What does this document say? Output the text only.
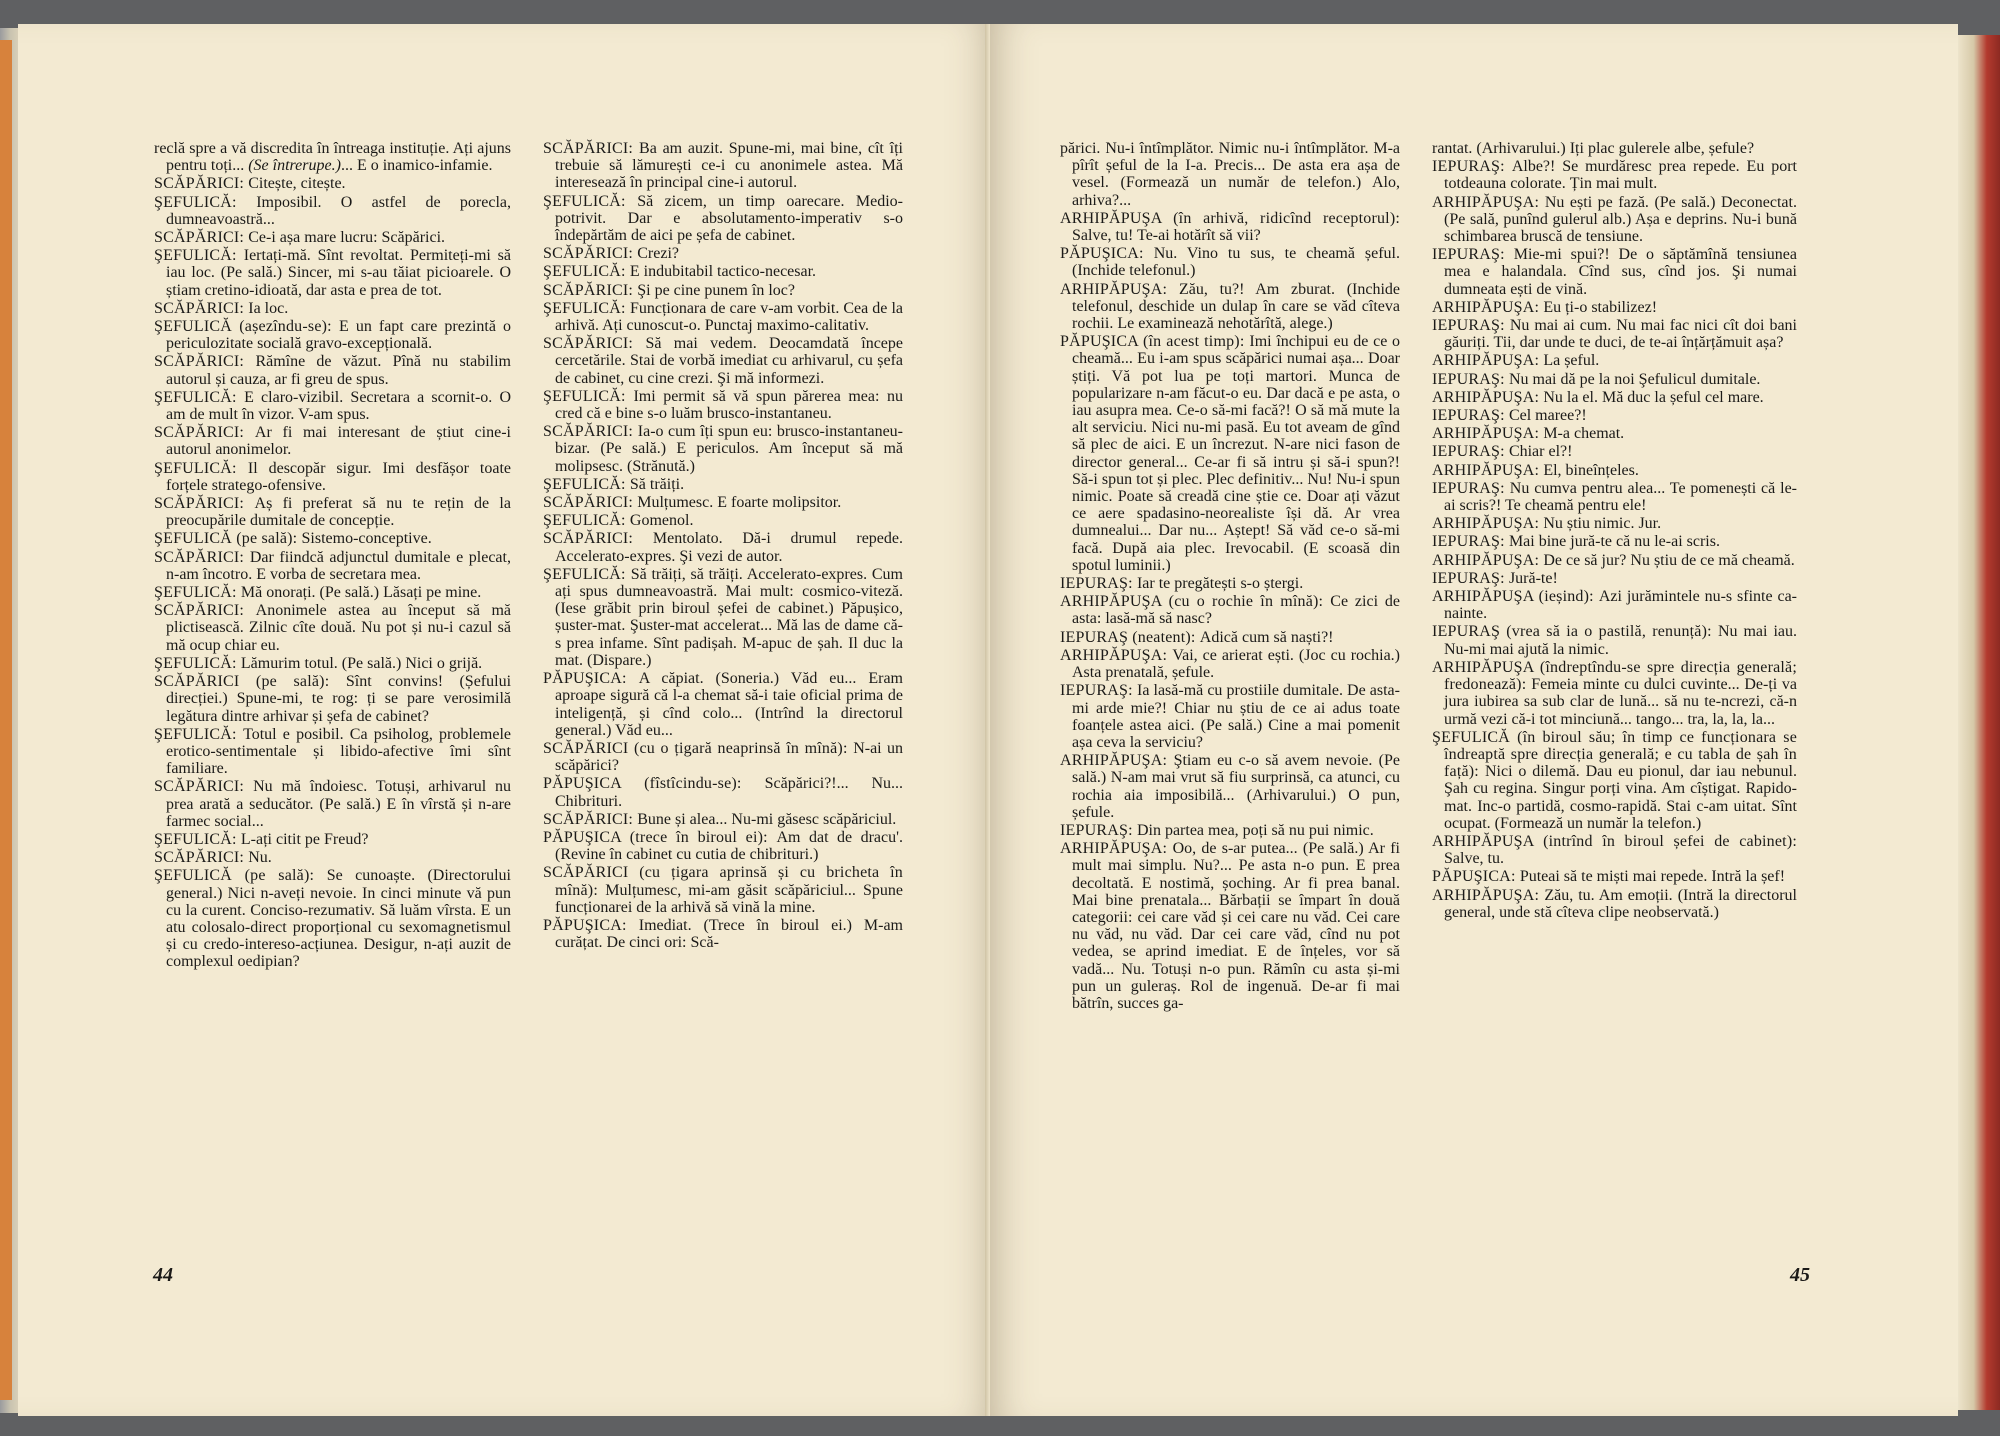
reclă spre a vă discredita în întreaga instituție. Ați ajuns pentru toți... (Se întrerupe.)... E o inamico-infamie.

SCĂPĂRICI: Citește, citește.

ŞEFULICĂ: Imposibil. O astfel de porecla, dumneavoastră...

SCĂPĂRICI: Ce-i așa mare lucru: Scăpărici.

ŞEFULICĂ: Iertați-mă. Sînt revoltat. Permiteți-mi să iau loc. (Pe sală.) Sincer, mi s-au tăiat picioarele. O știam cretino-idioată, dar asta e prea de tot.

SCĂPĂRICI: Ia loc.

ŞEFULICĂ (așezîndu-se): E un fapt care prezintă o periculozitate socială gravo-excepțională.

SCĂPĂRICI: Rămîne de văzut. Pînă nu stabilim autorul și cauza, ar fi greu de spus.

ŞEFULICĂ: E claro-vizibil. Secretara a scornit-o. O am de mult în vizor. V-am spus.

SCĂPĂRICI: Ar fi mai interesant de știut cine-i autorul anonimelor.

ŞEFULICĂ: Il descopăr sigur. Imi desfășor toate forțele stratego-ofensive.

SCĂPĂRICI: Aș fi preferat să nu te rețin de la preocupările dumitale de concepție.

ŞEFULICĂ (pe sală): Sistemo-conceptive.

SCĂPĂRICI: Dar fiindcă adjunctul dumitale e plecat, n-am încotro. E vorba de secretara mea.

ŞEFULICĂ: Mă onorați. (Pe sală.) Lăsați pe mine.

SCĂPĂRICI: Anonimele astea au început să mă plictisească. Zilnic cîte două. Nu pot și nu-i cazul să mă ocup chiar eu.

ŞEFULICĂ: Lămurim totul. (Pe sală.) Nici o grijă.

SCĂPĂRICI (pe sală): Sînt convins! (Șefului direcției.) Spune-mi, te rog: ți se pare verosimilă legătura dintre arhivar și șefa de cabinet?

ŞEFULICĂ: Totul e posibil. Ca psiholog, problemele erotico-sentimentale și libido-afective îmi sînt familiare.

SCĂPĂRICI: Nu mă îndoiesc. Totuși, arhivarul nu prea arată a seducător. (Pe sală.) E în vîrstă și n-are farmec social...

ŞEFULICĂ: L-ați citit pe Freud?

SCĂPĂRICI: Nu.

ŞEFULICĂ (pe sală): Se cunoaște. (Directorului general.) Nici n-aveți nevoie. In cinci minute vă pun cu la curent. Conciso-rezumativ. Să luăm vîrsta. E un atu colosalo-direct proporțional cu sexomagnetismul și cu credo-intereso-acțiunea. Desigur, n-ați auzit de complexul oedipian?

SCĂPĂRICI: Ba am auzit. Spune-mi, mai bine, cît îți trebuie să lămurești ce-i cu anonimele astea. Mă interesează în principal cine-i autorul.

ŞEFULICĂ: Să zicem, un timp oarecare. Medio-potrivit. Dar e absolutamento-imperativ s-o îndepărtăm de aici pe șefa de cabinet.

SCĂPĂRICI: Crezi?

ŞEFULICĂ: E indubitabil tactico-necesar.

SCĂPĂRICI: Şi pe cine punem în loc?

ŞEFULICĂ: Funcționara de care v-am vorbit. Cea de la arhivă. Ați cunoscut-o. Punctaj maximo-calitativ.

SCĂPĂRICI: Să mai vedem. Deocamdată începe cercetările. Stai de vorbă imediat cu arhivarul, cu șefa de cabinet, cu cine crezi. Şi mă informezi.

ŞEFULICĂ: Imi permit să vă spun părerea mea: nu cred că e bine s-o luăm brusco-instantaneu.

SCĂPĂRICI: Ia-o cum îți spun eu: brusco-instantaneu-bizar. (Pe sală.) E periculos. Am început să mă molipsesc. (Strănută.)

ŞEFULICĂ: Să trăiți.

SCĂPĂRICI: Mulțumesc. E foarte molipsitor.

ŞEFULICĂ: Gomenol.

SCĂPĂRICI: Mentolato. Dă-i drumul repede. Accelerato-expres. Şi vezi de autor.

ŞEFULICĂ: Să trăiți, să trăiți. Accelerato-expres. Cum ați spus dumneavoastră. Mai mult: cosmico-viteză. (Iese grăbit prin biroul șefei de cabinet.) Păpușico, șuster-mat. Şuster-mat accelerat... Mă las de dame că-s prea infame. Sînt padișah. M-apuc de șah. Il duc la mat. (Dispare.)

PĂPUŞICA: A căpiat. (Soneria.) Văd eu... Eram aproape sigură că l-a chemat să-i taie oficial prima de inteligență, și cînd colo... (Intrînd la directorul general.) Văd eu...

SCĂPĂRICI (cu o țigară neaprinsă în mînă): N-ai un scăpărici?

PĂPUŞICA (fîstîcindu-se): Scăpărici?!... Nu... Chibrituri.

SCĂPĂRICI: Bune și alea... Nu-mi găsesc scăpăriciul.

PĂPUŞICA (trece în biroul ei): Am dat de dracu'. (Revine în cabinet cu cutia de chibrituri.)

SCĂPĂRICI (cu țigara aprinsă și cu bricheta în mînă): Mulțumesc, mi-am găsit scăpăriciul... Spune funcționarei de la arhivă să vină la mine.

PĂPUŞICA: Imediat. (Trece în biroul ei.) M-am curățat. De cinci ori: Scă-

44

părici. Nu-i întîmplător. Nimic nu-i întîmplător. M-a pîrît șeful de la I-a. Precis... De asta era așa de vesel. (Formează un număr de telefon.) Alo, arhiva?...

ARHIPĂPUŞA (în arhivă, ridicînd receptorul): Salve, tu! Te-ai hotărît să vii?

PĂPUŞICA: Nu. Vino tu sus, te cheamă șeful. (Inchide telefonul.)

ARHIPĂPUŞA: Zău, tu?! Am zburat. (Inchide telefonul, deschide un dulap în care se văd cîteva rochii. Le examinează nehotărîtă, alege.)

PĂPUŞICA (în acest timp): Imi închipui eu de ce o cheamă... Eu i-am spus scăpărici numai așa... Doar știți. Vă pot lua pe toți martori. Munca de popularizare n-am făcut-o eu. Dar dacă e pe asta, o iau asupra mea. Ce-o să-mi facă?! O să mă mute la alt serviciu. Nici nu-mi pasă. Eu tot aveam de gînd să plec de aici. E un încrezut. N-are nici fason de director general... Ce-ar fi să intru și să-i spun?! Să-i spun tot și plec. Plec definitiv... Nu! Nu-i spun nimic. Poate să creadă cine știe ce. Doar ați văzut ce aere spadasino-neorealiste își dă. Ar vrea dumnealui... Dar nu... Aștept! Să văd ce-o să-mi facă. După aia plec. Irevocabil. (E scoasă din spotul luminii.)

IEPURAŞ: Iar te pregătești s-o ștergi.

ARHIPĂPUŞA (cu o rochie în mînă): Ce zici de asta: lasă-mă să nasc?

IEPURAŞ (neatent): Adică cum să naști?!

ARHIPĂPUŞA: Vai, ce arierat ești. (Joc cu rochia.) Asta prenatală, șefule.

IEPURAŞ: Ia lasă-mă cu prostiile dumitale. De asta-mi arde mie?! Chiar nu știu de ce ai adus toate foanțele astea aici. (Pe sală.) Cine a mai pomenit așa ceva la serviciu?

ARHIPĂPUŞA: Ştiam eu c-o să avem nevoie. (Pe sală.) N-am mai vrut să fiu surprinsă, ca atunci, cu rochia aia imposibilă... (Arhivarului.) O pun, șefule.

IEPURAŞ: Din partea mea, poți să nu pui nimic.

ARHIPĂPUŞA: Oo, de s-ar putea... (Pe sală.) Ar fi mult mai simplu. Nu?... Pe asta n-o pun. E prea decoltată. E nostimă, șoching. Ar fi prea banal. Mai bine prenatala... Bărbații se împart în două categorii: cei care văd și cei care nu văd. Cei care nu văd, nu văd. Dar cei care văd, cînd nu pot vedea, se aprind imediat. E de înțeles, vor să vadă... Nu. Totuși n-o pun. Rămîn cu asta și-mi pun un guleraș. Rol de ingenuă. De-ar fi mai bătrîn, succes ga-

rantat. (Arhivarului.) Iți plac gulerele albe, șefule?

IEPURAŞ: Albe?! Se murdăresc prea repede. Eu port totdeauna colorate. Țin mai mult.

ARHIPĂPUŞA: Nu ești pe fază. (Pe sală.) Deconectat. (Pe sală, punînd gulerul alb.) Așa e deprins. Nu-i bună schimbarea bruscă de tensiune.

IEPURAŞ: Mie-mi spui?! De o săptămînă tensiunea mea e halandala. Cînd sus, cînd jos. Şi numai dumneata ești de vină.

ARHIPĂPUŞA: Eu ți-o stabilizez!

IEPURAŞ: Nu mai ai cum. Nu mai fac nici cît doi bani găuriți. Tii, dar unde te duci, de te-ai înțărțămuit așa?

ARHIPĂPUŞA: La șeful.

IEPURAŞ: Nu mai dă pe la noi Şefulicul dumitale.

ARHIPĂPUŞA: Nu la el. Mă duc la șeful cel mare.

IEPURAŞ: Cel maree?!

ARHIPĂPUŞA: M-a chemat.

IEPURAŞ: Chiar el?!

ARHIPĂPUŞA: El, bineînțeles.

IEPURAŞ: Nu cumva pentru alea... Te pomenești că le-ai scris?! Te cheamă pentru ele!

ARHIPĂPUŞA: Nu știu nimic. Jur.

IEPURAŞ: Mai bine jură-te că nu le-ai scris.

ARHIPĂPUŞA: De ce să jur? Nu știu de ce mă cheamă.

IEPURAŞ: Jură-te!

ARHIPĂPUŞA (ieșind): Azi jurămintele nu-s sfinte ca-nainte.

IEPURAŞ (vrea să ia o pastilă, renunță): Nu mai iau. Nu-mi mai ajută la nimic.

ARHIPĂPUŞA (îndreptîndu-se spre direcția generală; fredonează): Femeia minte cu dulci cuvinte... De-ți va jura iubirea sa sub clar de lună... să nu te-ncrezi, că-n urmă vezi că-i tot minciună... tango... tra, la, la, la...

ŞEFULICĂ (în biroul său; în timp ce funcționara se îndreaptă spre direcția generală; e cu tabla de șah în față): Nici o dilemă. Dau eu pionul, dar iau nebunul. Şah cu regina. Singur porți vina. Am cîștigat. Rapido-mat. Inc-o partidă, cosmo-rapidă. Stai c-am uitat. Sînt ocupat. (Formează un număr la telefon.)

ARHIPĂPUŞA (intrînd în biroul șefei de cabinet): Salve, tu.

PĂPUŞICA: Puteai să te miști mai repede. Intră la șef!

ARHIPĂPUŞA: Zău, tu. Am emoții. (Intră la directorul general, unde stă cîteva clipe neobservată.)

45
